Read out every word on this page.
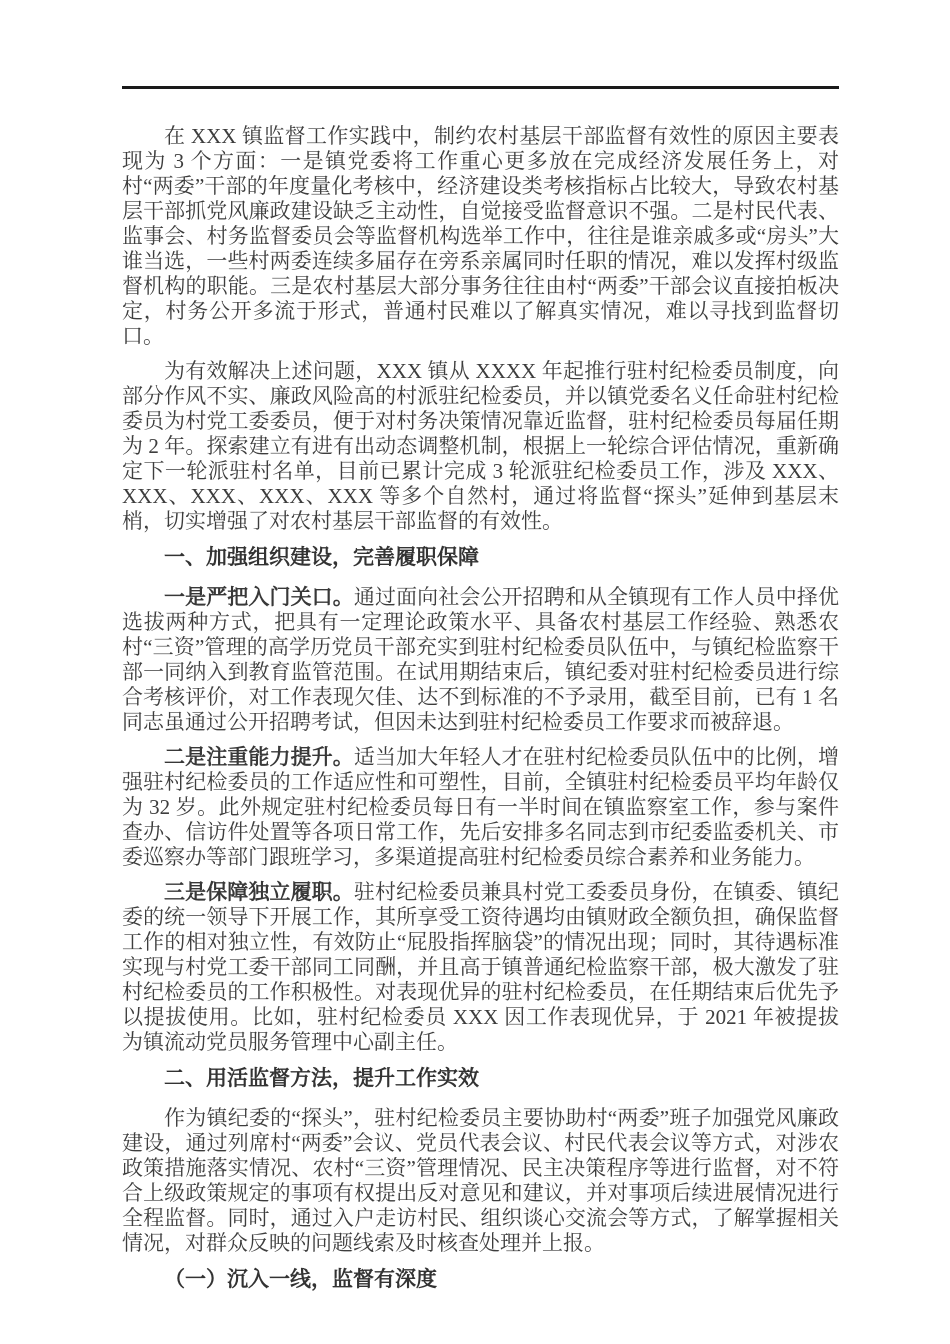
在 XXX 镇监督工作实践中，制约农村基层干部监督有效性的原因主要表现为 3 个方面：一是镇党委将工作重心更多放在完成经济发展任务上，对村“两委”干部的年度量化考核中，经济建设类考核指标占比较大，导致农村基层干部抓党风廉政建设缺乏主动性，自觉接受监督意识不强。二是村民代表、监事会、村务监督委员会等监督机构选举工作中，往往是谁亲戚多或“房头”大谁当选，一些村两委连续多届存在旁系亲属同时任职的情况，难以发挥村级监督机构的职能。三是农村基层大部分事务往往由村“两委”干部会议直接拍板决定，村务公开多流于形式，普通村民难以了解真实情况，难以寻找到监督切口。

为有效解决上述问题，XXX 镇从 XXXX 年起推行驻村纪检委员制度，向部分作风不实、廉政风险高的村派驻纪检委员，并以镇党委名义任命驻村纪检委员为村党工委委员，便于对村务决策情况靠近监督，驻村纪检委员每届任期为 2 年。探索建立有进有出动态调整机制，根据上一轮综合评估情况，重新确定下一轮派驻村名单，目前已累计完成 3 轮派驻纪检委员工作，涉及 XXX、XXX、XXX、XXX、XXX 等多个自然村，通过将监督“探头”延伸到基层末梢，切实增强了对农村基层干部监督的有效性。

一、加强组织建设，完善履职保障

一是严把入门关口。通过面向社会公开招聘和从全镇现有工作人员中择优选拔两种方式，把具有一定理论政策水平、具备农村基层工作经验、熟悉农村“三资”管理的高学历党员干部充实到驻村纪检委员队伍中，与镇纪检监察干部一同纳入到教育监管范围。在试用期结束后，镇纪委对驻村纪检委员进行综合考核评价，对工作表现欠佳、达不到标准的不予录用，截至目前，已有 1 名同志虽通过公开招聘考试，但因未达到驻村纪检委员工作要求而被辞退。

二是注重能力提升。适当加大年轻人才在驻村纪检委员队伍中的比例，增强驻村纪检委员的工作适应性和可塑性，目前，全镇驻村纪检委员平均年龄仅为 32 岁。此外规定驻村纪检委员每日有一半时间在镇监察室工作，参与案件查办、信访件处置等各项日常工作，先后安排多名同志到市纪委监委机关、市委巡察办等部门跟班学习，多渠道提高驻村纪检委员综合素养和业务能力。

三是保障独立履职。驻村纪检委员兼具村党工委委员身份，在镇委、镇纪委的统一领导下开展工作，其所享受工资待遇均由镇财政全额负担，确保监督工作的相对独立性，有效防止“屁股指挥脑袋”的情况出现；同时，其待遇标准实现与村党工委干部同工同酬，并且高于镇普通纪检监察干部，极大激发了驻村纪检委员的工作积极性。对表现优异的驻村纪检委员，在任期结束后优先予以提拔使用。比如，驻村纪检委员 XXX 因工作表现优异，于 2021 年被提拔为镇流动党员服务管理中心副主任。

二、用活监督方法，提升工作实效

作为镇纪委的“探头”，驻村纪检委员主要协助村“两委”班子加强党风廉政建设，通过列席村“两委”会议、党员代表会议、村民代表会议等方式，对涉农政策措施落实情况、农村“三资”管理情况、民主决策程序等进行监督，对不符合上级政策规定的事项有权提出反对意见和建议，并对事项后续进展情况进行全程监督。同时，通过入户走访村民、组织谈心交流会等方式，了解掌握相关情况，对群众反映的问题线索及时核查处理并上报。

（一）沉入一线，监督有深度
